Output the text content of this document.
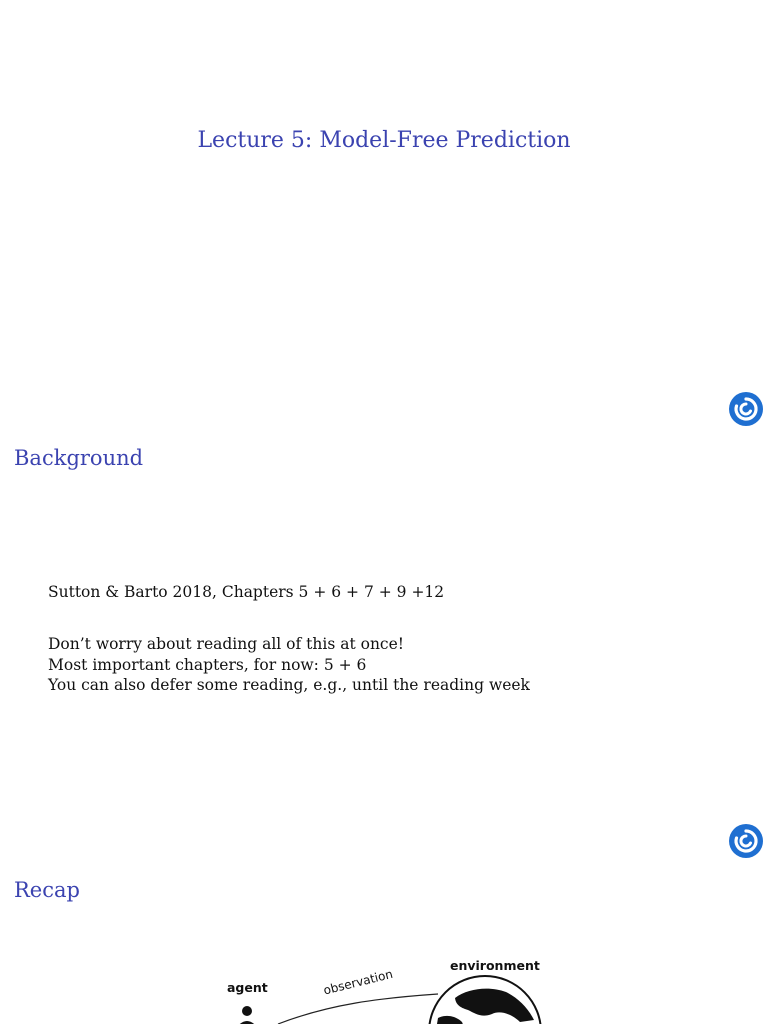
Lecture 5: Model-Free Prediction
Background
Sutton & Barto 2018, Chapters 5 + 6 + 7 + 9 +12
Don’t worry about reading all of this at once!
Most important chapters, for now: 5 + 6
You can also defer some reading, e.g., until the reading week
Recap
environment
agent	observation
